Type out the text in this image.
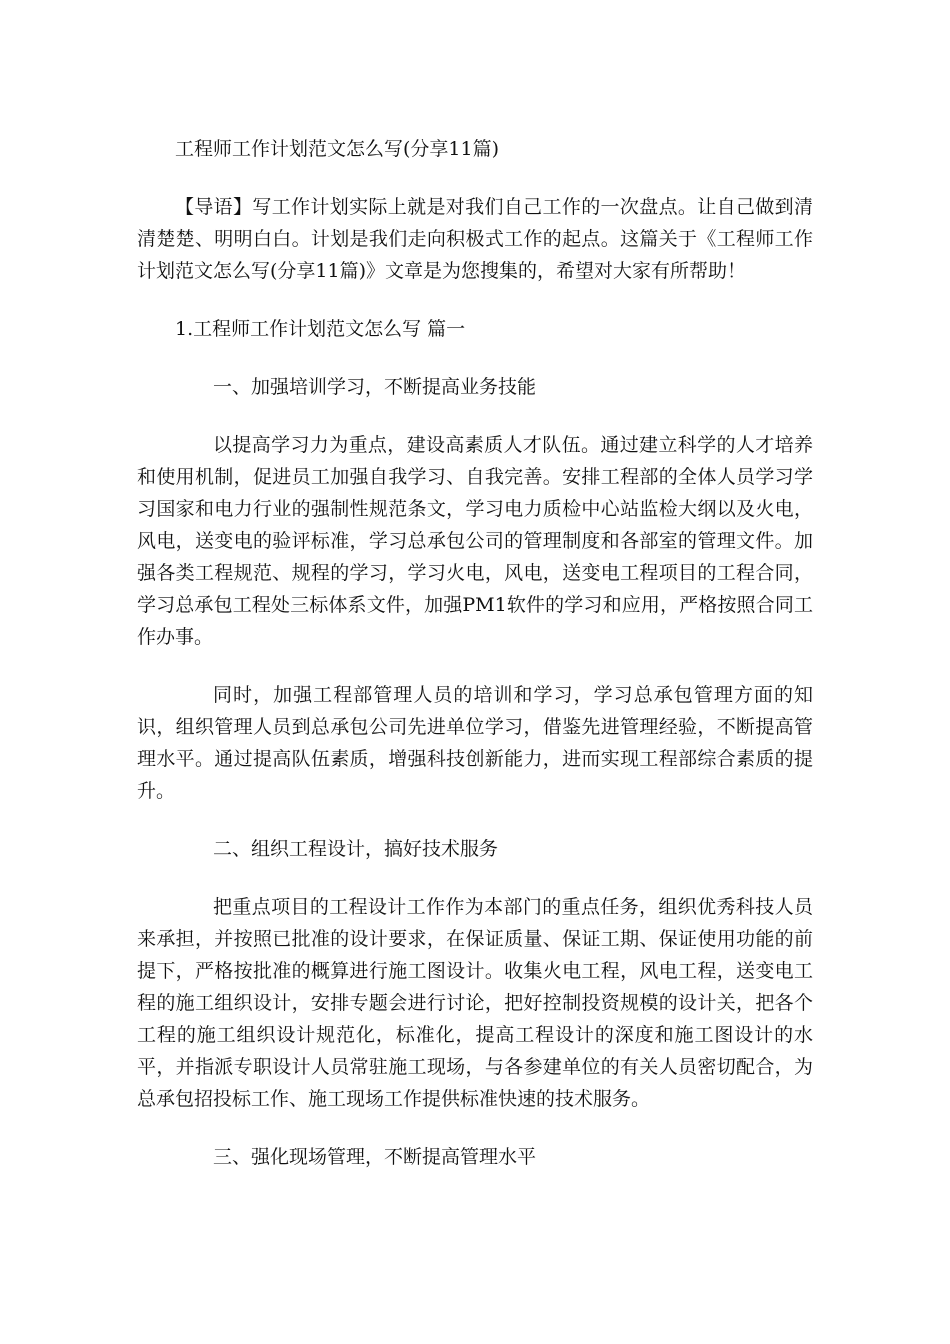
工程师工作计划范文怎么写(分享11篇)

【导语】写工作计划实际上就是对我们自己工作的一次盘点。让自己做到清清楚楚、明明白白。计划是我们走向积极式工作的起点。这篇关于《工程师工作计划范文怎么写(分享11篇)》文章是为您搜集的，希望对大家有所帮助！

1.工程师工作计划范文怎么写 篇一
一、加强培训学习，不断提高业务技能

以提高学习力为重点，建设高素质人才队伍。通过建立科学的人才培养和使用机制，促进员工加强自我学习、自我完善。安排工程部的全体人员学习学习国家和电力行业的强制性规范条文，学习电力质检中心站监检大纲以及火电，风电，送变电的验评标准，学习总承包公司的管理制度和各部室的管理文件。加强各类工程规范、规程的学习，学习火电，风电，送变电工程项目的工程合同，学习总承包工程处三标体系文件，加强PM1软件的学习和应用，严格按照合同工作办事。

同时，加强工程部管理人员的培训和学习，学习总承包管理方面的知识，组织管理人员到总承包公司先进单位学习，借鉴先进管理经验，不断提高管理水平。通过提高队伍素质，增强科技创新能力，进而实现工程部综合素质的提升。

二、组织工程设计，搞好技术服务

把重点项目的工程设计工作作为本部门的重点任务，组织优秀科技人员来承担，并按照已批准的设计要求，在保证质量、保证工期、保证使用功能的前提下，严格按批准的概算进行施工图设计。收集火电工程，风电工程，送变电工程的施工组织设计，安排专题会进行讨论，把好控制投资规模的设计关，把各个工程的施工组织设计规范化，标准化，提高工程设计的深度和施工图设计的水平，并指派专职设计人员常驻施工现场，与各参建单位的有关人员密切配合，为总承包招投标工作、施工现场工作提供标准快速的技术服务。

三、强化现场管理，不断提高管理水平
